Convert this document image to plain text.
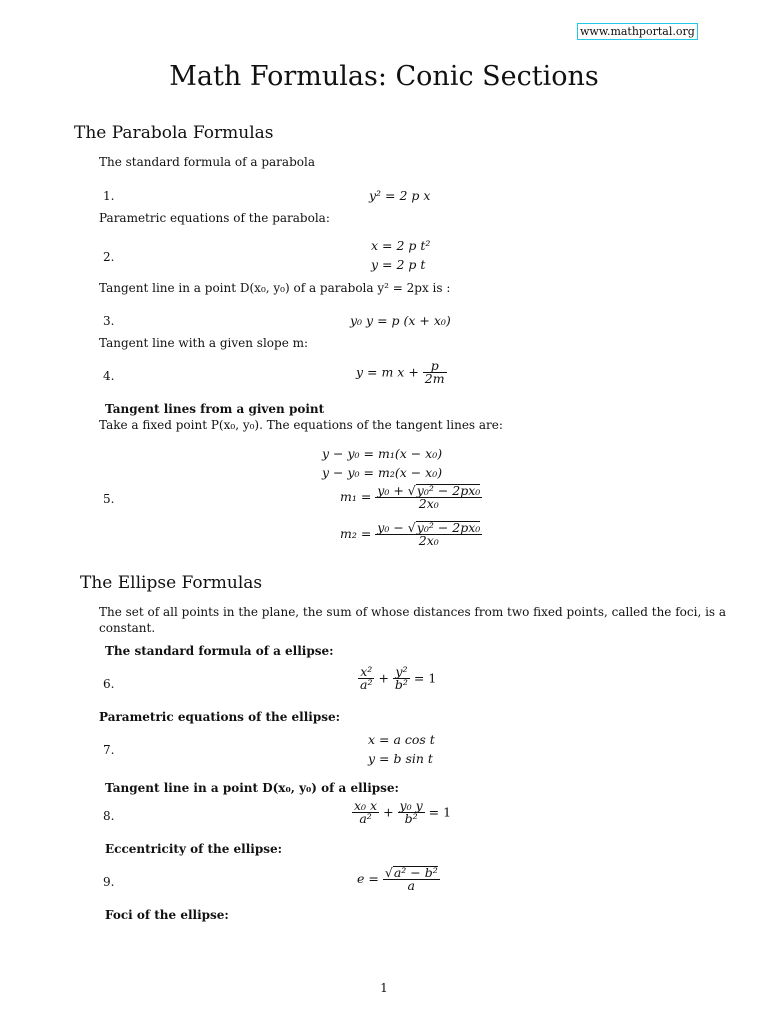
www.mathportal.org
Math Formulas: Conic Sections
The Parabola Formulas
The standard formula of a parabola
1.	y² = 2 p x
Parametric equations of the parabola:
2.
x = 2 p t²
y = 2 p t
Tangent line in a point D(x₀, y₀) of a parabola y² = 2px is :
3.	y₀ y = p (x + x₀)
Tangent line with a given slope m:
4.	y = m $x + \frac{p}{2m}$
Tangent lines from a given point
Take a fixed point P(x₀, y₀). The equations of the tangent lines are:
5.
y − y₀ = m₁(x − x₀)
y − y₀ = m₂(x − x₀)
$m_1 = \frac{\text{y₀ + √y₀² − 2px₀}}{\text{2x₀}}$
$m_2 = \frac{\text{y₀ − √y₀² − 2px₀}}{\text{2x₀}}$
The Ellipse Formulas
The set of all points in the plane, the sum of whose distances from two fixed points, called the foci, is a
constant.
The standard formula of a ellipse:
6.	$\frac{\text{x²}}{\text{a²}} + \frac{\text{y²}}{\text{b²}} = 1$
Parametric equations of the ellipse:
7.
x = a cos t
y = b sin t
Tangent line in a point D(x₀, y₀) of a ellipse:
8.	$\frac{\text{x₀ x}}{\text{a²}} + \frac{\text{y₀ y}}{\text{b²}} = 1$
Eccentricity of the ellipse:
9.	$e = \frac{\text{√a² − b²}}{a}$
Foci of the ellipse:
1
